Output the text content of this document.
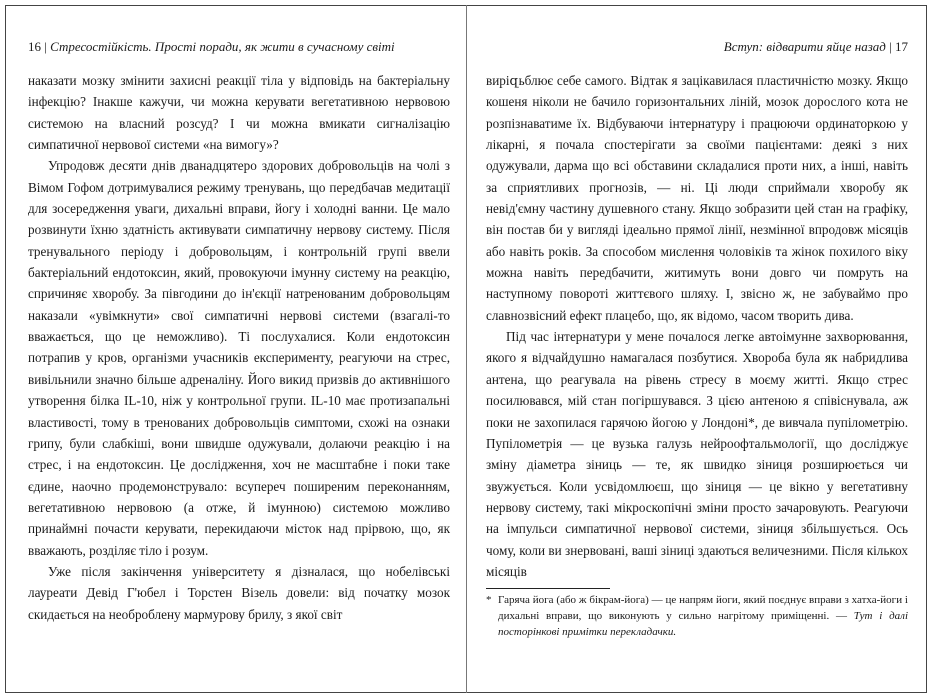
16 | Стресостійкість. Прості поради, як жити в сучасному світі	Вступ: відварити яйце назад | 17

наказати мозку змінити захисні реакції тіла у відповідь на бактеріальну інфекцію? Інакше кажучи, чи можна керувати вегетативною нервовою системою на власний розсуд? І чи можна вмикати сигналізацію симпатичної нервової системи «на вимогу»?

Упродовж десяти днів дванадцятеро здорових добровольців на чолі з Вімом Гофом дотримувалися режиму тренувань, що передбачав медитації для зосередження уваги, дихальні вправи, йогу і холодні ванни. Це мало розвинути їхню здатність активувати симпатичну нервову систему. Після тренувального періоду і добровольцям, і контрольній групі ввели бактеріальний ендотоксин, який, провокуючи імунну систему на реакцію, спричиняє хворобу. За півгодини до ін'єкції натренованим добровольцям наказали «увімкнути» свої симпатичні нервові системи (взагалі-то вважається, що це неможливо). Ті послухалися. Коли ендотоксин потрапив у кров, організми учасників експерименту, реагуючи на стрес, вивільнили значно більше адреналіну. Його викид призвів до активнішого утворення білка IL-10, ніж у контрольної групи. IL-10 має протизапальні властивості, тому в тренованих добровольців симптоми, схожі на ознаки грипу, були слабкіші, вони швидше одужували, долаючи реакцію і на стрес, і на ендотоксин. Це дослідження, хоч не масштабне і поки таке єдине, наочно продемонструвало: всупереч поширеним переконанням, вегетативною нервовою (а отже, й імунною) системою можливо принаймні почасти керувати, перекидаючи місток над прірвою, що, як вважають, розділяє тіло і розум.

Уже після закінчення університету я дізналася, що нобелівські лауреати Девід Г'юбел і Торстен Візель довели: від початку мозок скидається на необроблену мармурову брилу, з якої світ

виріզьблює себе самого. Відтак я зацікавилася пластичністю мозку. Якщо кошеня ніколи не бачило горизонтальних ліній, мозок дорослого кота не розпізнаватиме їх. Відбуваючи інтернатуру і працюючи ординаторкою у лікарні, я почала спостерігати за своїми пацієнтами: деякі з них одужували, дарма що всі обставини складалися проти них, а інші, навіть за сприятливих прогнозів, — ні. Ці люди сприймали хворобу як невід'ємну частину душевного стану. Якщо зобразити цей стан на графіку, він постав би у вигляді ідеально прямої лінії, незмінної впродовж місяців або навіть років. За способом мислення чоловіків та жінок похилого віку можна навіть передбачити, житимуть вони довго чи помруть на наступному повороті життєвого шляху. І, звісно ж, не забуваймо про славнозвісний ефект плацебо, що, як відомо, часом творить дива.

Під час інтернатури у мене почалося легке автоімунне захворювання, якого я відчайдушно намагалася позбутися. Хвороба була як набридлива антена, що реагувала на рівень стресу в моєму житті. Якщо стрес посилювався, мій стан погіршувався. З цією антеною я співіснувала, аж поки не захопилася гарячою йогою у Лондоні*, де вивчала пупілометрію. Пупілометрія — це вузька галузь нейроофтальмології, що досліджує зміну діаметра зіниць — те, як швидко зіниця розширюється чи звужується. Коли усвідомлюєш, що зіниця — це вікно у вегетативну нервову систему, такі мікроскопічні зміни просто зачаровують. Реагуючи на імпульси симпатичної нервової системи, зіниця збільшується. Ось чому, коли ви знервовані, ваші зіниці здаються величезними. Після кількох місяців

* Гаряча йога (або ж бікрам-йога) — це напрям йоги, який поєднує вправи з хатха-йоги і дихальні вправи, що виконують у сильно нагрітому приміщенні. — Тут і далі посторінкові примітки перекладачки.
